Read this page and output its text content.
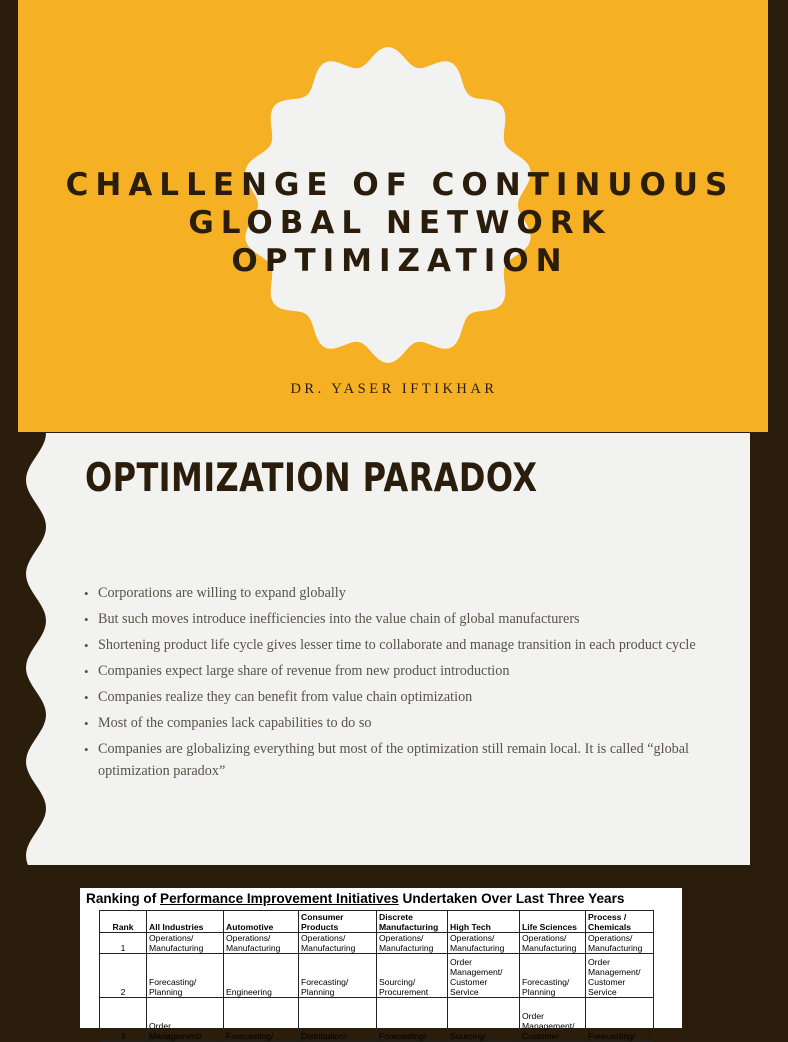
CHALLENGE OF CONTINUOUS
GLOBAL NETWORK OPTIMIZATION
DR. YASER IFTIKHAR
OPTIMIZATION PARADOX
• Corporations are willing to expand globally
• But such moves introduce inefficiencies into the value chain of global manufacturers
• Shortening product life cycle gives lesser time to collaborate and manage transition in each product cycle
• Companies expect large share of revenue from new product introduction
• Companies realize they can benefit from value chain optimization
• Most of the companies lack capabilities to do so
• Companies are globalizing everything but most of the optimization still remain local. It is called “global optimization paradox”
Ranking of Performance Improvement Initiatives Undertaken Over Last Three Years
Rank	All Industries	Automotive	Consumer Products	Discrete Manufacturing	High Tech	Life Sciences	Process / Chemicals
1	Operations/ Manufacturing	Operations/ Manufacturing	Operations/ Manufacturing	Operations/ Manufacturing	Operations/ Manufacturing	Operations/ Manufacturing	Operations/ Manufacturing
2	Forecasting/ Planning	Engineering	Forecasting/ Planning	Sourcing/ Procurement	Order Management/ Customer Service	Forecasting/ Planning	Order Management/ Customer Service
3	Order Management/	Forecasting/	Distribution/	Forecasting/	Sourcing/	Order Management/ Customer	Forecasting/
